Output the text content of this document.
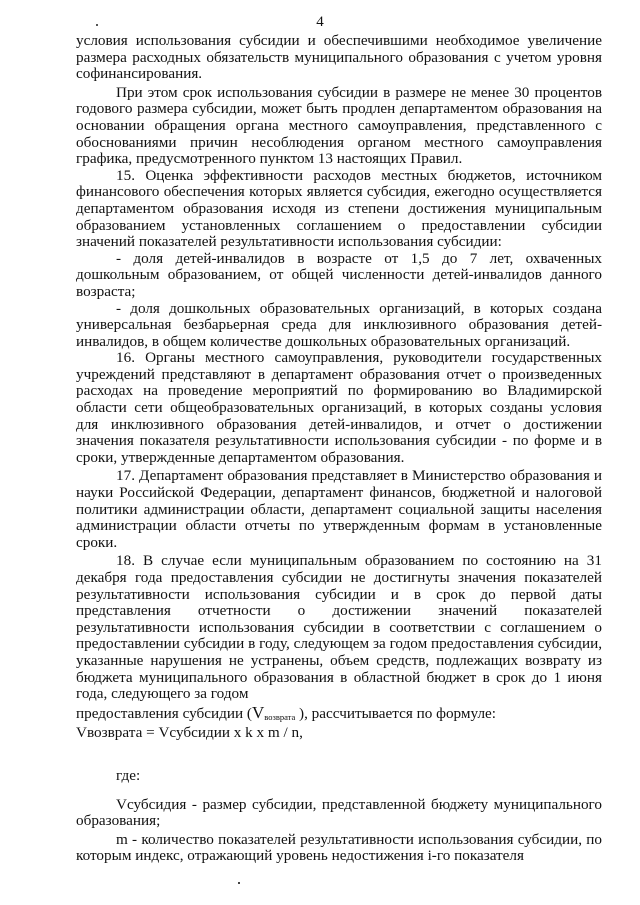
4

условия использования субсидии и обеспечившими необходимое увеличение размера расходных обязательств муниципального образования с учетом уровня софинансирования.

При этом срок использования субсидии в размере не менее 30 процентов годового размера субсидии, может быть продлен департаментом образования на основании обращения органа местного самоуправления, представленного с обоснованиями причин несоблюдения органом местного самоуправления графика, предусмотренного пунктом 13 настоящих Правил.

15. Оценка эффективности расходов местных бюджетов, источником финансового обеспечения которых является субсидия, ежегодно осуществляется департаментом образования исходя из степени достижения муниципальным образованием установленных соглашением о предоставлении субсидии значений показателей результативности использования субсидии:

- доля детей-инвалидов в возрасте от 1,5 до 7 лет, охваченных дошкольным образованием, от общей численности детей-инвалидов данного возраста;

- доля дошкольных образовательных организаций, в которых создана универсальная безбарьерная среда для инклюзивного образования детей-инвалидов, в общем количестве дошкольных образовательных организаций.

16. Органы местного самоуправления, руководители государственных учреждений представляют в департамент образования отчет о произведенных расходах на проведение мероприятий по формированию во Владимирской области сети общеобразовательных организаций, в которых созданы условия для инклюзивного образования детей-инвалидов, и отчет о достижении значения показателя результативности использования субсидии - по форме и в сроки, утвержденные департаментом образования.

17. Департамент образования представляет в Министерство образования и науки Российской Федерации, департамент финансов, бюджетной и налоговой политики администрации области, департамент социальной защиты населения администрации области отчеты по утвержденным формам в установленные сроки.

18. В случае если муниципальным образованием по состоянию на 31 декабря года предоставления субсидии не достигнуты значения показателей результативности использования субсидии и в срок до первой даты представления отчетности о достижении значений показателей результативности использования субсидии в соответствии с соглашением о предоставлении субсидии в году, следующем за годом предоставления субсидии, указанные нарушения не устранены, объем средств, подлежащих возврату из бюджета муниципального образования в областной бюджет в срок до 1 июня года, следующего за годом

предоставления субсидии ($V_{возврата}$ ), рассчитывается по формуле:

Vвозврата = Vсубсидии x k x m / n,

где:

Vсубсидия - размер субсидии, представленной бюджету муниципального образования;

m - количество показателей результативности использования субсидии, по которым индекс, отражающий уровень недостижения i-го показателя
